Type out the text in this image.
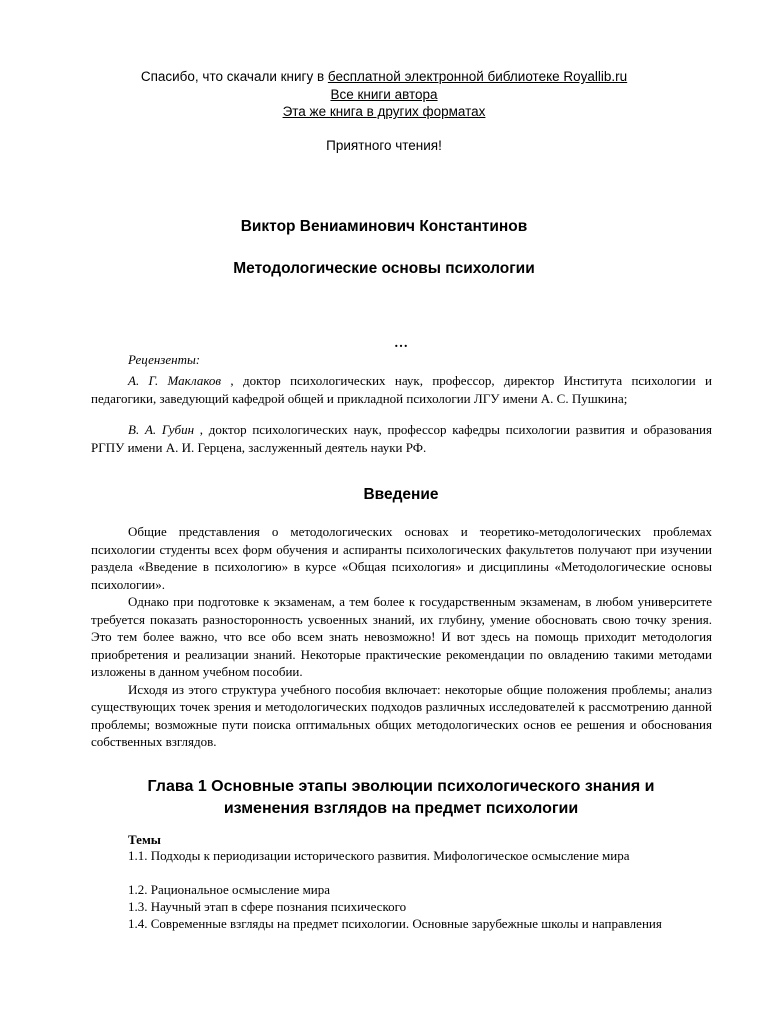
Спасибо, что скачали книгу в бесплатной электронной библиотеке Royallib.ru
Все книги автора
Эта же книга в других форматах
Приятного чтения!
Виктор Вениаминович Константинов
Методологические основы психологии
…
Рецензенты:
А. Г. Маклаков , доктор психологических наук, профессор, директор Института психологии и педагогики, заведующий кафедрой общей и прикладной психологии ЛГУ имени А. С. Пушкина;
В. А. Губин , доктор психологических наук, профессор кафедры психологии развития и образования РГПУ имени А. И. Герцена, заслуженный деятель науки РФ.
Введение

Общие представления о методологических основах и теоретико-методологических проблемах психологии студенты всех форм обучения и аспиранты психологических факультетов получают при изучении раздела «Введение в психологию» в курсе «Общая психология» и дисциплины «Методологические основы психологии».

Однако при подготовке к экзаменам, а тем более к государственным экзаменам, в любом университете требуется показать разносторонность усвоенных знаний, их глубину, умение обосновать свою точку зрения. Это тем более важно, что все обо всем знать невозможно! И вот здесь на помощь приходит методология приобретения и реализации знаний. Некоторые практические рекомендации по овладению такими методами изложены в данном учебном пособии.

Исходя из этого структура учебного пособия включает: некоторые общие положения проблемы; анализ существующих точек зрения и методологических подходов различных исследователей к рассмотрению данной проблемы; возможные пути поиска оптимальных общих методологических основ ее решения и обоснования собственных взглядов.

Глава 1 Основные этапы эволюции психологического знания и
изменения взглядов на предмет психологии
Темы
1.1. Подходы к периодизации исторического развития. Мифологическое осмысление мира
1.2. Рациональное осмысление мира
1.3. Научный этап в сфере познания психического
1.4. Современные взгляды на предмет психологии. Основные зарубежные школы и направления
